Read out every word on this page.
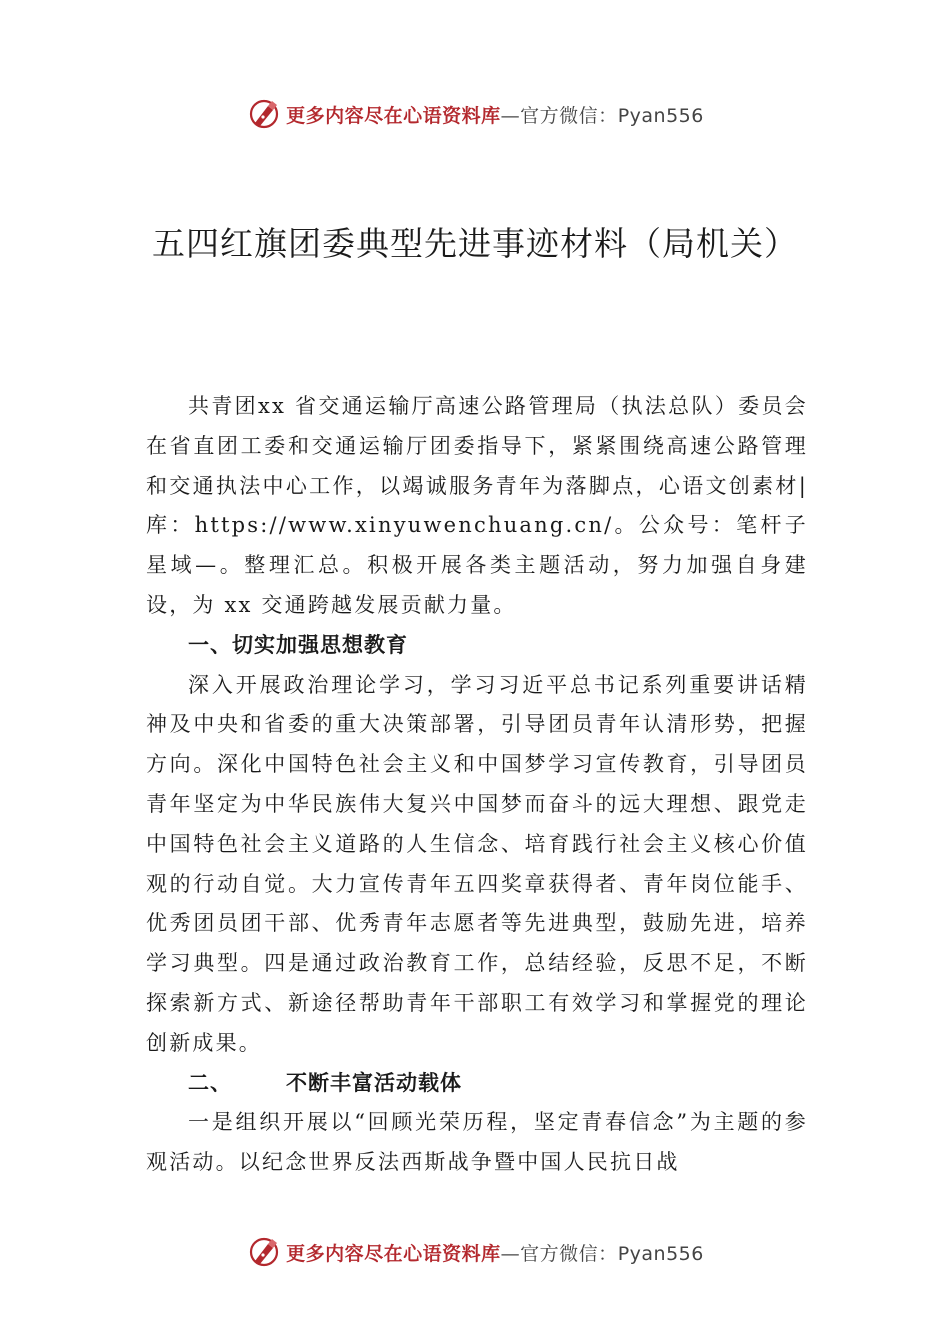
更多内容尽在心语资料库—官方微信：Pyan556
五四红旗团委典型先进事迹材料（局机关）

共青团xx 省交通运输厅高速公路管理局（执法总队）委员会在省直团工委和交通运输厅团委指导下，紧紧围绕高速公路管理和交通执法中心工作，以竭诚服务青年为落脚点，心语文创素材|库：https://www.xinyuwenchuang.cn/。公众号：笔杆子星域—。整理汇总。积极开展各类主题活动，努力加强自身建设，为 xx 交通跨越发展贡献力量。

一、切实加强思想教育

深入开展政治理论学习，学习习近平总书记系列重要讲话精神及中央和省委的重大决策部署，引导团员青年认清形势，把握方向。深化中国特色社会主义和中国梦学习宣传教育，引导团员青年坚定为中华民族伟大复兴中国梦而奋斗的远大理想、跟党走中国特色社会主义道路的人生信念、培育践行社会主义核心价值观的行动自觉。大力宣传青年五四奖章获得者、青年岗位能手、优秀团员团干部、优秀青年志愿者等先进典型，鼓励先进，培养学习典型。四是通过政治教育工作，总结经验，反思不足，不断探索新方式、新途径帮助青年干部职工有效学习和掌握党的理论创新成果。

二、	不断丰富活动载体

一是组织开展以“回顾光荣历程，坚定青春信念”为主题的参观活动。以纪念世界反法西斯战争暨中国人民抗日战

更多内容尽在心语资料库—官方微信：Pyan556
